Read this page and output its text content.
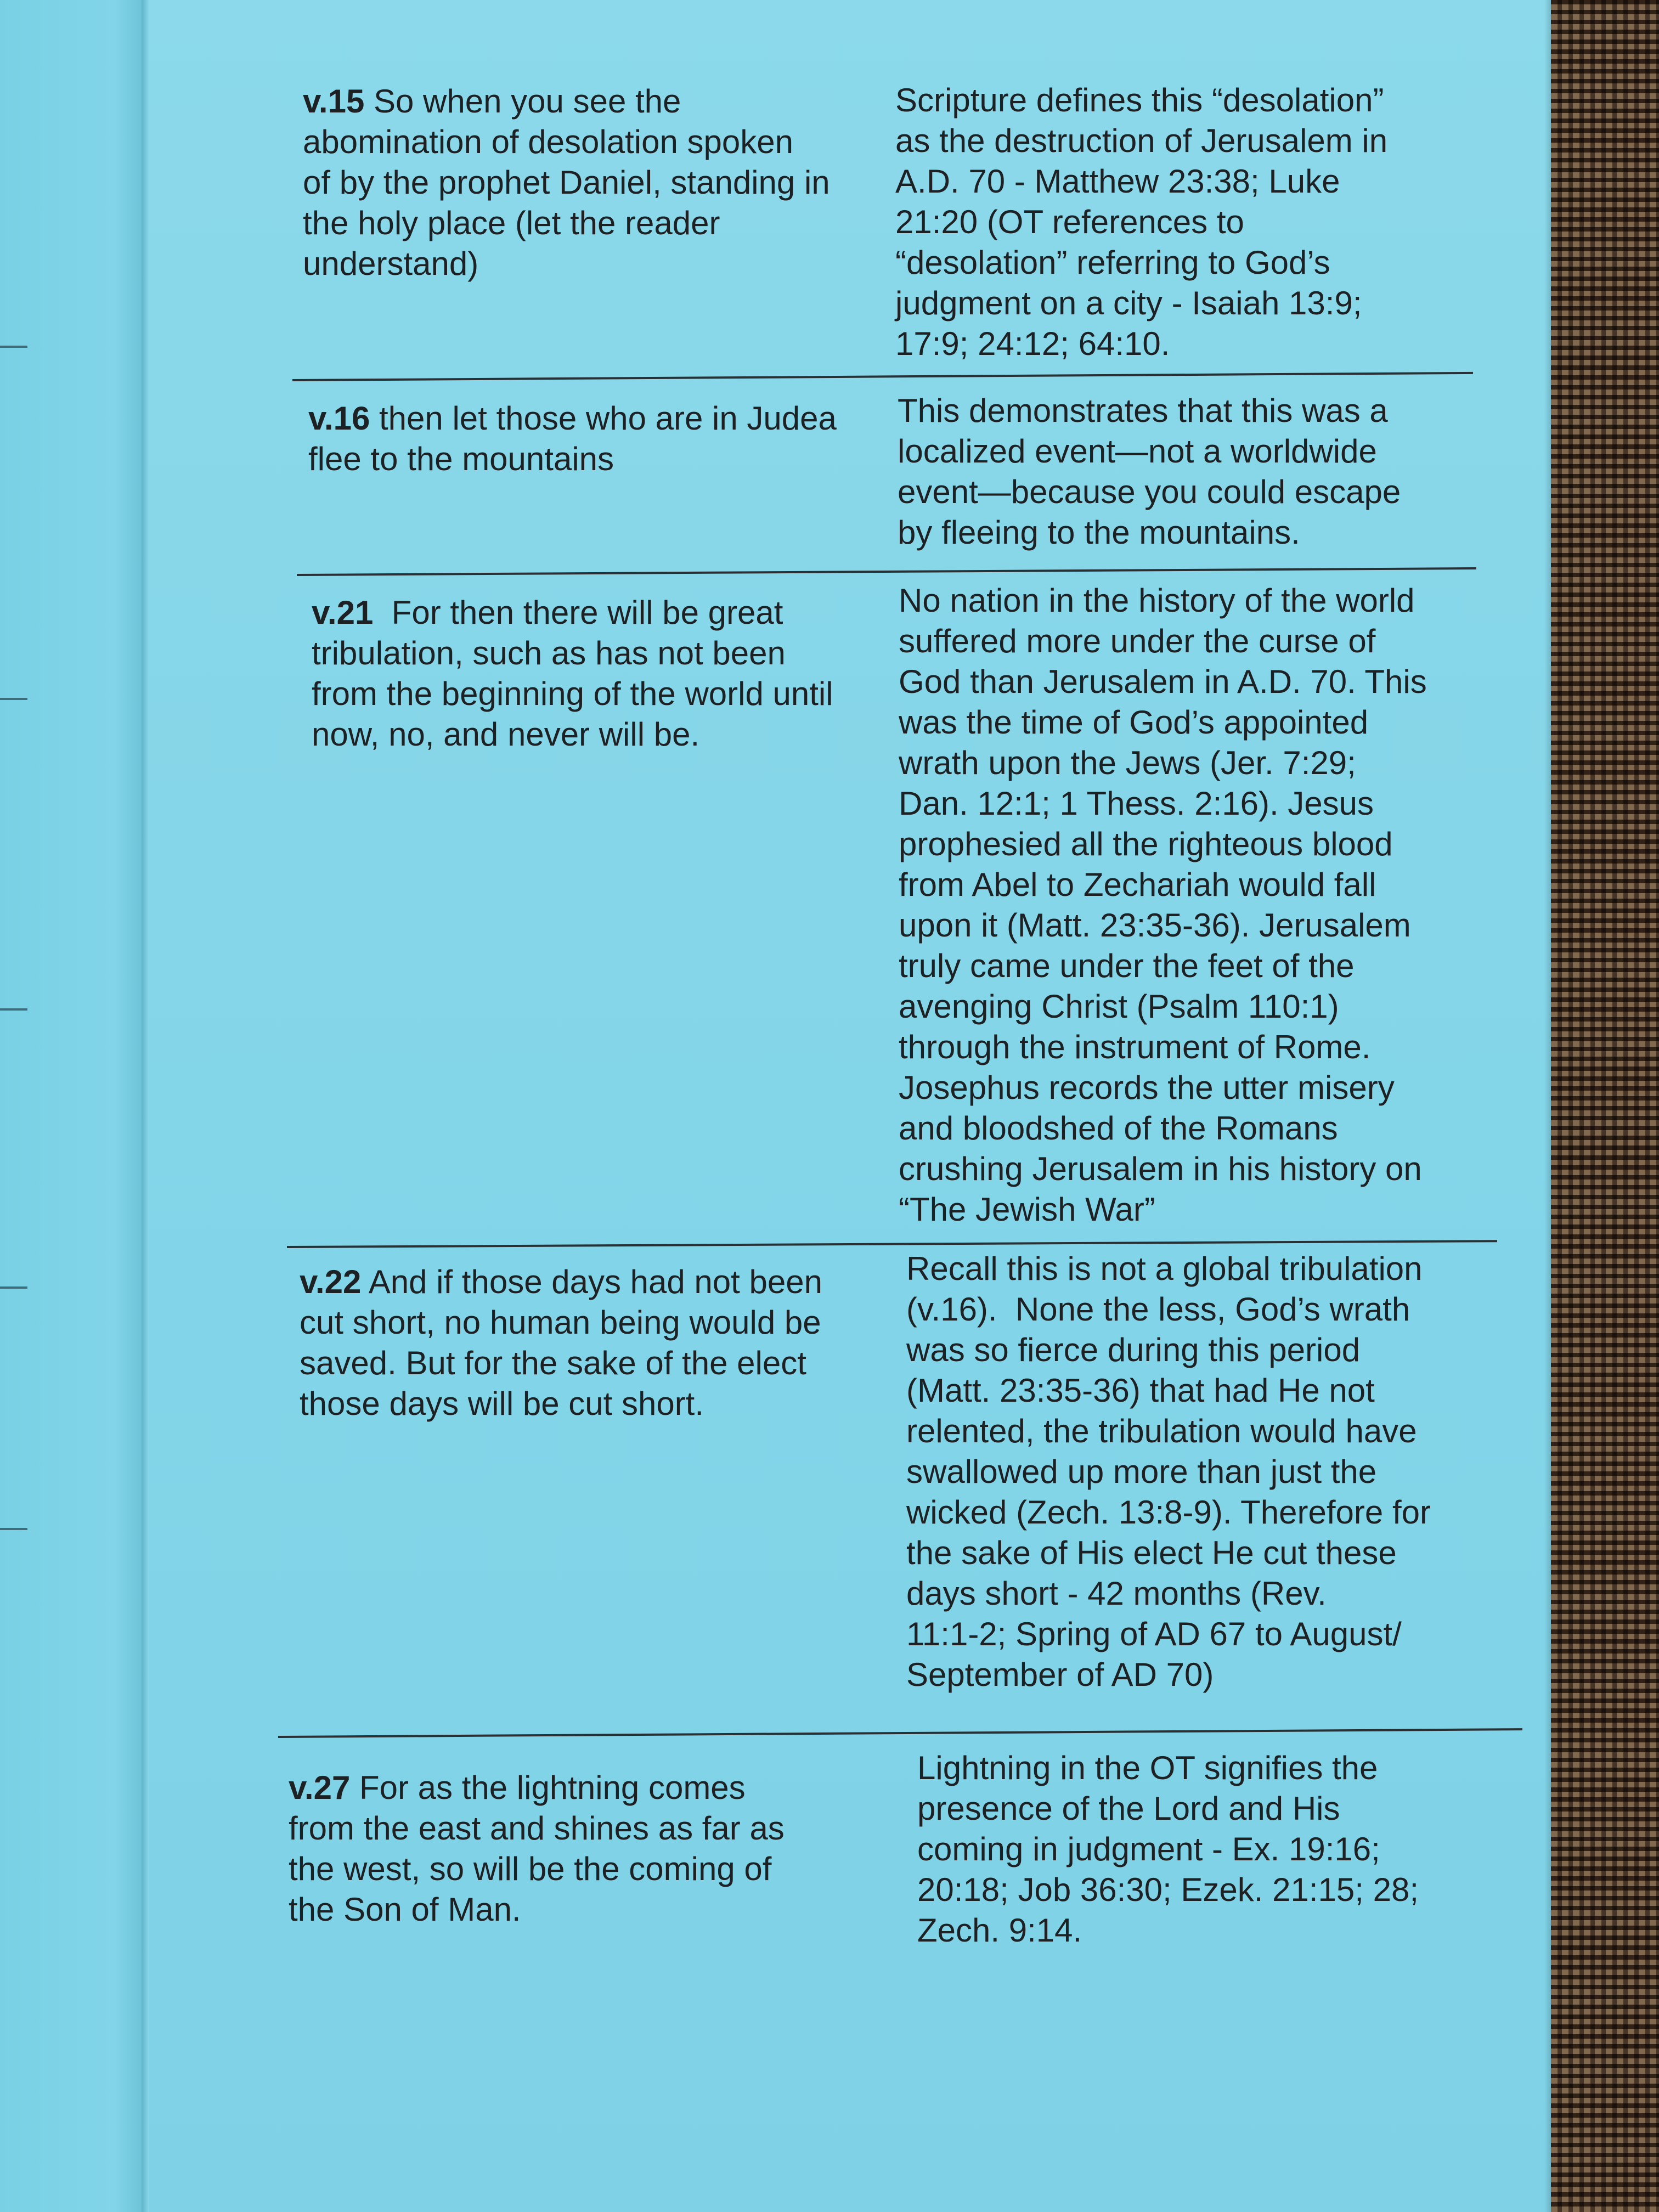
v.15 So when you see the
abomination of desolation spoken
of by the prophet Daniel, standing in
the holy place (let the reader
understand)

Scripture defines this “desolation”
as the destruction of Jerusalem in
A.D. 70 - Matthew 23:38; Luke
21:20 (OT references to
“desolation” referring to God’s
judgment on a city - Isaiah 13:9;
17:9; 24:12; 64:10.

v.16 then let those who are in Judea
flee to the mountains

This demonstrates that this was a
localized event—not a worldwide
event—because you could escape
by fleeing to the mountains.

v.21  For then there will be great
tribulation, such as has not been
from the beginning of the world until
now, no, and never will be.

No nation in the history of the world
suffered more under the curse of
God than Jerusalem in A.D. 70. This
was the time of God’s appointed
wrath upon the Jews (Jer. 7:29;
Dan. 12:1; 1 Thess. 2:16). Jesus
prophesied all the righteous blood
from Abel to Zechariah would fall
upon it (Matt. 23:35-36). Jerusalem
truly came under the feet of the
avenging Christ (Psalm 110:1)
through the instrument of Rome.
Josephus records the utter misery
and bloodshed of the Romans
crushing Jerusalem in his history on
“The Jewish War”

v.22 And if those days had not been
cut short, no human being would be
saved. But for the sake of the elect
those days will be cut short.

Recall this is not a global tribulation
(v.16).  None the less, God’s wrath
was so fierce during this period
(Matt. 23:35-36) that had He not
relented, the tribulation would have
swallowed up more than just the
wicked (Zech. 13:8-9). Therefore for
the sake of His elect He cut these
days short - 42 months (Rev.
11:1-2; Spring of AD 67 to August/
September of AD 70)

v.27 For as the lightning comes
from the east and shines as far as
the west, so will be the coming of
the Son of Man.

Lightning in the OT signifies the
presence of the Lord and His
coming in judgment - Ex. 19:16;
20:18; Job 36:30; Ezek. 21:15; 28;
Zech. 9:14.
